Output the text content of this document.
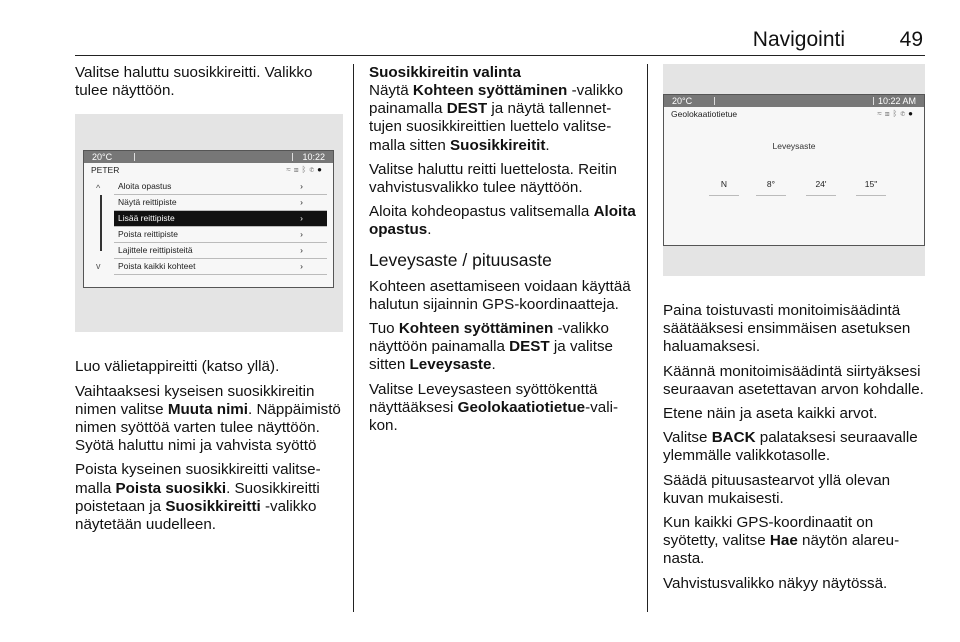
Navigointi	49

Valitse haluttu suosikkireitti. Valikko tulee näyttöön.

20°C	10:22
PETER	≈▥ᛒ✆●
^
v
Aloita opastus	›
Näytä reittipiste	›
Lisää reittipiste	›
Poista reittipiste	›
Lajittele reittipisteitä	›
Poista kaikki kohteet	›

Luo välietappireitti (katso yllä).

Vaihtaaksesi kyseisen suosikkireitin nimen valitse Muuta nimi. Näppäimistö nimen syöttöä varten tulee näyttöön. Syötä haluttu nimi ja vahvista syöttö

Poista kyseinen suosikkireitti valitsemalla Poista suosikki. Suosikkireitti poistetaan ja Suosikkireitti -valikko näytetään uudelleen.

Suosikkireitin valinta

Näytä Kohteen syöttäminen -valikko painamalla DEST ja näytä tallennettujen suosikkireittien luettelo valitsemalla sitten Suosikkireitit.

Valitse haluttu reitti luettelosta. Reitin vahvistusvalikko tulee näyttöön.

Aloita kohdeopastus valitsemalla Aloita opastus.

Leveysaste / pituusaste

Kohteen asettamiseen voidaan käyttää halutun sijainnin GPS-koordinaatteja.

Tuo Kohteen syöttäminen -valikko näyttöön painamalla DEST ja valitse sitten Leveysaste.

Valitse Leveysasteen syöttökenttä näyttääksesi Geolokaatiotietue-valikon.

20°C	10:22 AM
Geolokaatiotietue	≈▥ᛒ✆●
Leveysaste
N	8°	24'	15"

Paina toistuvasti monitoimisäädintä säätääksesi ensimmäisen asetuksen haluamaksesi.

Käännä monitoimisäädintä siirtyäksesi seuraavan asetettavan arvon kohdalle.

Etene näin ja aseta kaikki arvot.

Valitse BACK palataksesi seuraavalle ylemmälle valikkotasolle.

Säädä pituusastearvot yllä olevan kuvan mukaisesti.

Kun kaikki GPS-koordinaatit on syötetty, valitse Hae näytön alareunasta.

Vahvistusvalikko näkyy näytössä.
